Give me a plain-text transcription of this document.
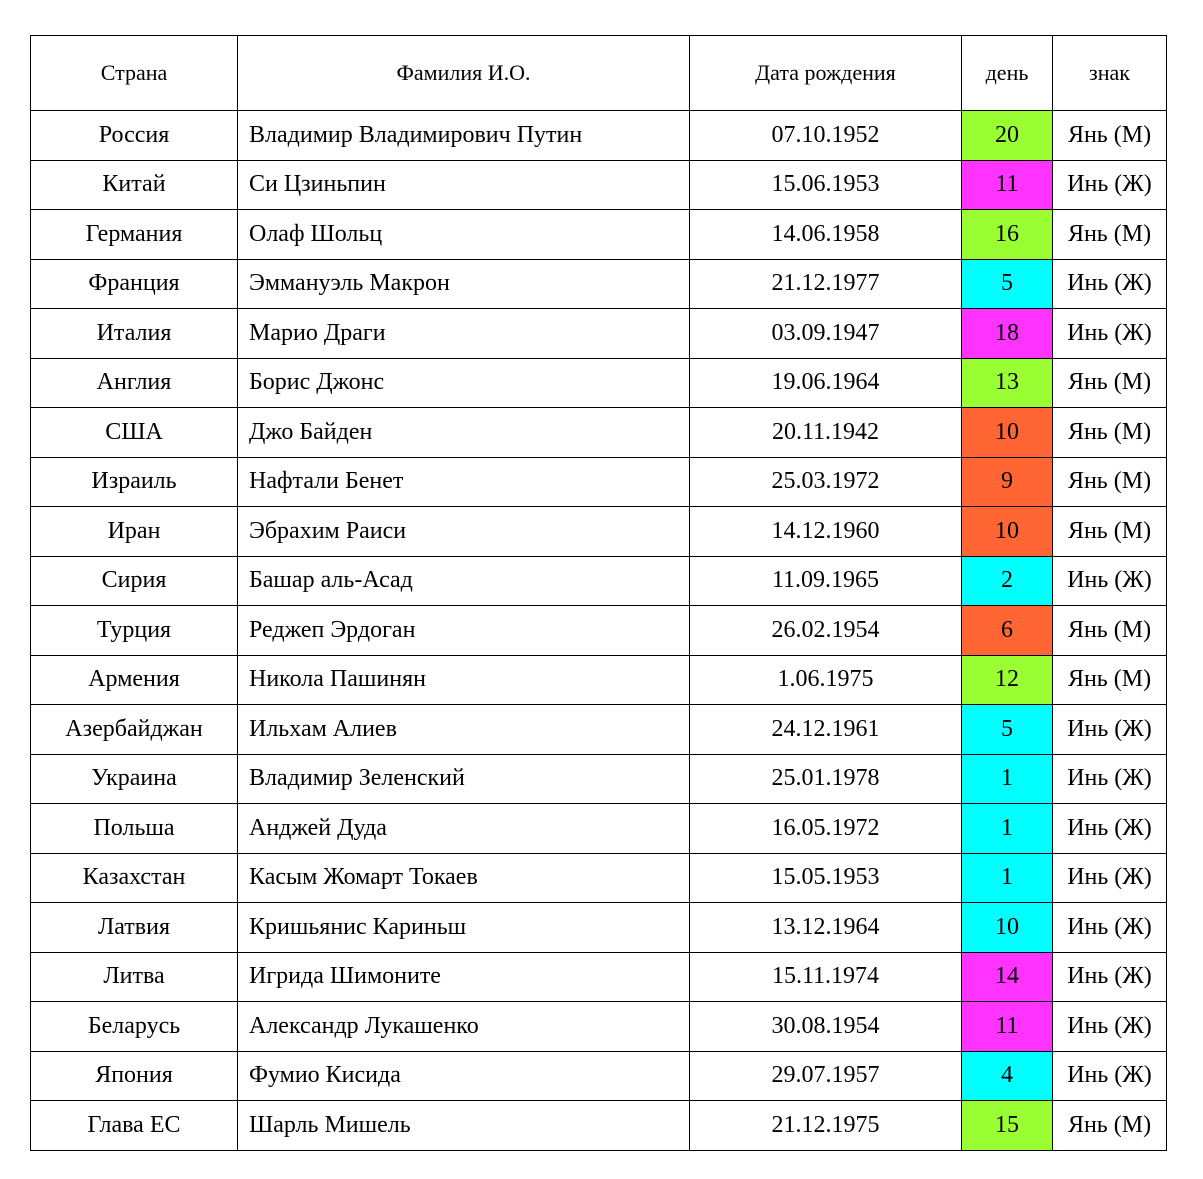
Страна	Фамилия И.О.	Дата рождения	день	знак
Россия	Владимир Владимирович Путин	07.10.1952	20	Янь (М)
Китай	Си Цзиньпин	15.06.1953	11	Инь (Ж)
Германия	Олаф Шольц	14.06.1958	16	Янь (М)
Франция	Эммануэль Макрон	21.12.1977	5	Инь (Ж)
Италия	Марио Драги	03.09.1947	18	Инь (Ж)
Англия	Борис Джонс	19.06.1964	13	Янь (М)
США	Джо Байден	20.11.1942	10	Янь (М)
Израиль	Нафтали Бенет	25.03.1972	9	Янь (М)
Иран	Эбрахим Раиси	14.12.1960	10	Янь (М)
Сирия	Башар аль-Асад	11.09.1965	2	Инь (Ж)
Турция	Реджеп Эрдоган	26.02.1954	6	Янь (М)
Армения	Никола Пашинян	1.06.1975	12	Янь (М)
Азербайджан	Ильхам Алиев	24.12.1961	5	Инь (Ж)
Украина	Владимир Зеленский	25.01.1978	1	Инь (Ж)
Польша	Анджей Дуда	16.05.1972	1	Инь (Ж)
Казахстан	Касым Жомарт Токаев	15.05.1953	1	Инь (Ж)
Латвия	Кришьянис Кариньш	13.12.1964	10	Инь (Ж)
Литва	Игрида Шимоните	15.11.1974	14	Инь (Ж)
Беларусь	Александр Лукашенко	30.08.1954	11	Инь (Ж)
Япония	Фумио Кисида	29.07.1957	4	Инь (Ж)
Глава ЕС	Шарль Мишель	21.12.1975	15	Янь (М)
